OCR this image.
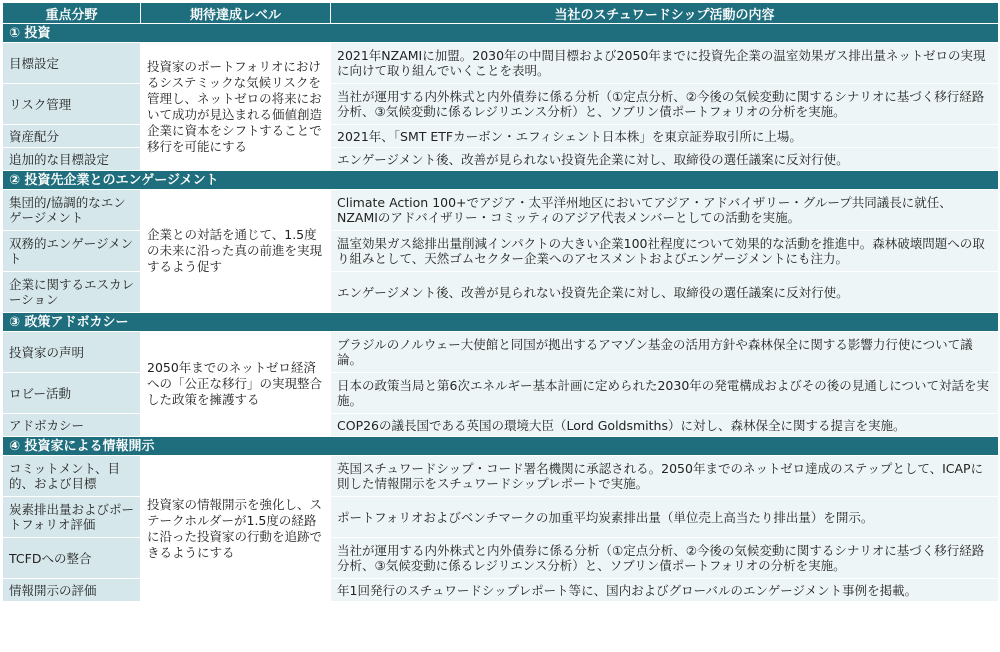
重点分野	期待達成レベル	当社のスチュワードシップ活動の内容
① 投資		
目標設定	投資家のポートフォリオにおけるシステミックな気候リスクを管理し、ネットゼロの将来において成功が見込まれる価値創造企業に資本をシフトすることで移行を可能にする	2021年NZAMIに加盟。2030年の中間目標および2050年までに投資先企業の温室効果ガス排出量ネットゼロの実現に向けて取り組んでいくことを表明。
リスク管理		当社が運用する内外株式と内外債券に係る分析（①定点分析、②今後の気候変動に関するシナリオに基づく移行経路分析、③気候変動に係るレジリエンス分析）と、ソブリン債ポートフォリオの分析を実施。
資産配分		2021年、「SMT ETFカーボン・エフィシェント日本株」を東京証券取引所に上場。
追加的な目標設定		エンゲージメント後、改善が見られない投資先企業に対し、取締役の選任議案に反対行使。
② 投資先企業とのエンゲージメント		
集団的/協調的なエンゲージメント	企業との対話を通じて、1.5度の未来に沿った真の前進を実現するよう促す	Climate Action 100+でアジア・太平洋州地区においてアジア・アドバイザリー・グループ共同議長に就任、NZAMIのアドバイザリー・コミッティのアジア代表メンバーとしての活動を実施。
双務的エンゲージメント		温室効果ガス総排出量削減インパクトの大きい企業100社程度について効果的な活動を推進中。森林破壊問題への取り組みとして、天然ゴムセクター企業へのアセスメントおよびエンゲージメントにも注力。
企業に関するエスカレーション		エンゲージメント後、改善が見られない投資先企業に対し、取締役の選任議案に反対行使。
③ 政策アドボカシー		
投資家の声明	2050年までのネットゼロ経済への「公正な移行」の実現整合した政策を擁護する	ブラジルのノルウェー大使館と同国が拠出するアマゾン基金の活用方針や森林保全に関する影響力行使について議論。
ロビー活動		日本の政策当局と第6次エネルギー基本計画に定められた2030年の発電構成およびその後の見通しについて対話を実施。
アドボカシー		COP26の議長国である英国の環境大臣（Lord Goldsmiths）に対し、森林保全に関する提言を実施。
④ 投資家による情報開示		
コミットメント、目的、および目標	投資家の情報開示を強化し、ステークホルダーが1.5度の経路に沿った投資家の行動を追跡できるようにする	英国スチュワードシップ・コード署名機関に承認される。2050年までのネットゼロ達成のステップとして、ICAPに則した情報開示をスチュワードシップレポートで実施。
炭素排出量およびポートフォリオ評価		ポートフォリオおよびベンチマークの加重平均炭素排出量（単位売上高当たり排出量）を開示。
TCFDへの整合		当社が運用する内外株式と内外債券に係る分析（①定点分析、②今後の気候変動に関するシナリオに基づく移行経路分析、③気候変動に係るレジリエンス分析）と、ソブリン債ポートフォリオの分析を実施。
情報開示の評価		年1回発行のスチュワードシップレポート等に、国内およびグローバルのエンゲージメント事例を掲載。
